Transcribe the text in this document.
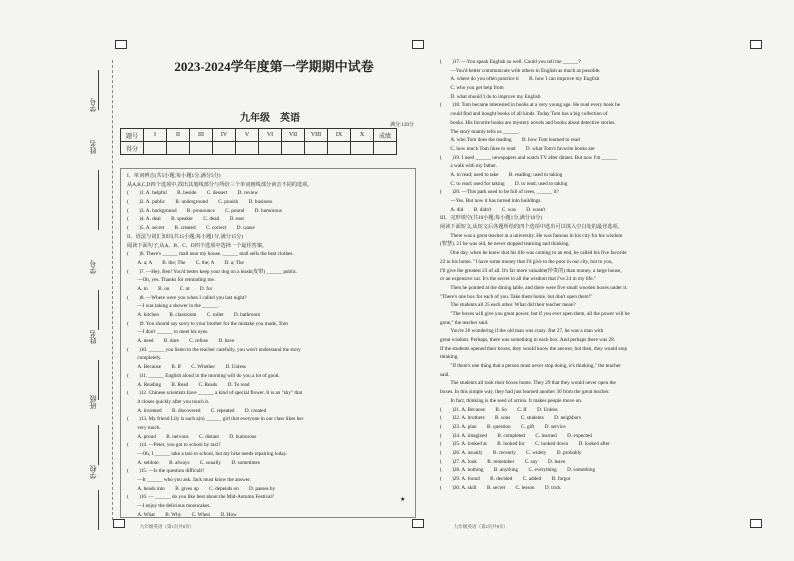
学号
姓名
学号
姓名
班级
学校
2023-2024学年度第一学期期中试卷
九年级　英语
满分:120分
题号	I	II	III	IV	V	VI	VII	VIII	IX	X	成绩
得分											
I、单词辨音(共5小题;每小题1分,满分5分)
从A,B,C,D四个选项中,找出其划线部分与所给三个单词画线部分读音不同的选项。
(　　)1. A. helpful　　B. beside　　C. dessert　　D. review
(　　)2. A. public　　B. underground　　C. punish　　D. business
(　　)3. A. background　　B. pronounce　　C. pound　　D. humorous
(　　)4. A. deal　　B. speaker　　C. dead　　D. east
(　　)5. A. secret　　B. created　　C. correct　　D. cause
II、语法与词汇知识(共15小题;每小题1分,满分15分)
阅读下面句子,从A、B、C、D四个选项中选择一个最佳答案。
(　　)6. There's ______ mall near my house. ______ mall sells the best clothes.
　　A. a; A　　B. the; The　　C. the; A　　D. a; The
(　　)7. —Hey, Ben! You'd better keep your dog on a leash(皮带) ______ public.
　　—Oh, yes. Thanks for reminding me.
　　A. in　　B. on　　C. at　　D. for
(　　)8. —Where were you when I called you last night?
　　—I was taking a shower in the ______.
　　A. kitchen　　B. classroom　　C. toilet　　D. bathroom
(　　)9. You should say sorry to your brother for the mistake you made, Tom
　　—I don't ______ to meet his eyes.
　　A. need　　B. dare　　C. refuse　　D. have
(　　)10. ______ you listen to the teacher carefully, you won't understand the story
　　completely.
　　A. Because　　B. If　　C. Whether　　D. Unless
(　　)11. ______ English aloud in the morning will do you a lot of good.
　　A. Reading　　B. Read　　C. Reads　　D. To read
(　　)12. Chinese scientists have ______ a kind of special flower. It is an "shy" that
　　it closes quickly after you touch it.
　　A. invented　　B. discovered　　C. repeated　　D. created
(　　)13. My friend Lily is such a(n) ______ girl that everyone in our class likes her
　　very much.
　　A. proud　　B. nervous　　C. distant　　D. humorous
(　　)14. —Peter, you got to school by taxi?
　　—Oh, I ______ take a taxi to school, but my bike needs repairing today.
　　A. seldom　　B. always　　C. usually　　D. sometimes
(　　)15. —Is the question difficult?
　　—It ______ who you ask. Jack must know the answer.
　　A. heads into　　B. gives up　　C. depends on　　D. passes by
(　　)16. — ______ do you like best about the Mid-Autumn Festival?
　　—I enjoy the delicious mooncakes.
　　A. What　　B. Why　　C. When　　D. How
★
九年级英语（第1页共8页）
(　　)17. —You speak English so well. Could you tell me ______?
　　—You'd better communicate with others in English as much as possible.
　　A. where do you often practice it　　B. how I can improve my English
　　C. who you get help from
　　D. what should I do to improve my English
(　　)18. Tom became interested in books at a very young age. He read every book he
　　could find and bought books of all kinds. Today Tom has a big collection of
　　books. His favorite books are mystery novels and books about detective stories.
　　The story mainly tells us ______.
　　A. who Tom does the reading　　B. how Tom learned to read
　　C. how much Tom likes to read　　D. what Tom's favorite books are
(　　)19. I used ______ newspapers and watch TV after dinner. But now I'm ______
　　a walk with my father.
　　A. to read; used to take　　B. reading; used to taking
　　C. to read; used for taking　　D. to read; used to taking
(　　)20. —This park used to be full of trees, ______ it?
　　—Yes. But now it has turned into buildings.
　　A. did　　B. didn't　　C. was　　D. wasn't
III、完形填空(共10小题;每小题1分,满分10分)
阅读下面短文,从短文后各题所给的四个选项中选出可以填入空白处的最佳选项。
　　There was a great teacher at a university. He was famous in his city for his wisdom
(智慧). 21 he was old, he never stopped learning and thinking.
　　One day, when he knew that his life was coming to an end, he called his five favorite
22 to his home. "I have some money that I'd give to the poor in our city, but to you,
I'll give the greatest 23 of all. It's far more valuable(珍贵的) than money, a large house,
or an expensive car. It's the secret to all the wisdom that I've 24 in my life."
　　Then he pointed at the dining table, and there were five small wooden boxes under it.
"There's one box for each of you. Take them home, but don't open them!"
　　The students all 25 each other. What did their teacher mean?
　　"The boxes will give you great power, but if you ever open them, all the power will be
gone," the teacher said.
　　You're 26 wondering if the old man was crazy. But 27, he was a man with
great wisdom. Perhaps, there was something in each box. And perhaps there was 28.
If the students opened their boxes, they would know the answer, but then, they would stop
thinking.
　　"If there's one thing that a person must never stop doing, it's thinking," the teacher
said.
　　The students all took their boxes home. They 29 that they would never open the
boxes. In this simple way, they had just learned another 30 from the great teacher.
　　In fact, thinking is the seed of action. It makes people move on.
(　　)21. A. Because　　B. So　　C. If　　D. Unless
(　　)22. A. brothers　　B. sons　　C. students　　D. neighbors
(　　)23. A. plan　　B. question　　C. gift　　D. service
(　　)24. A. imagined　　B. completed　　C. learned　　D. expected
(　　)25. A. looked at　　B. looked for　　C. looked down　　D. looked after
(　　)26. A. usually　　B. recently　　C. widely　　D. probably
(　　)27. A. look　　B. remember　　C. say　　D. leave
(　　)28. A. nothing　　B. anything　　C. everything　　D. something
(　　)29. A. found　　B. decided　　C. added　　D. forgot
(　　)30. A. skill　　B. secret　　C. lesson　　D. trick
九年级英语（第2页共8页）
